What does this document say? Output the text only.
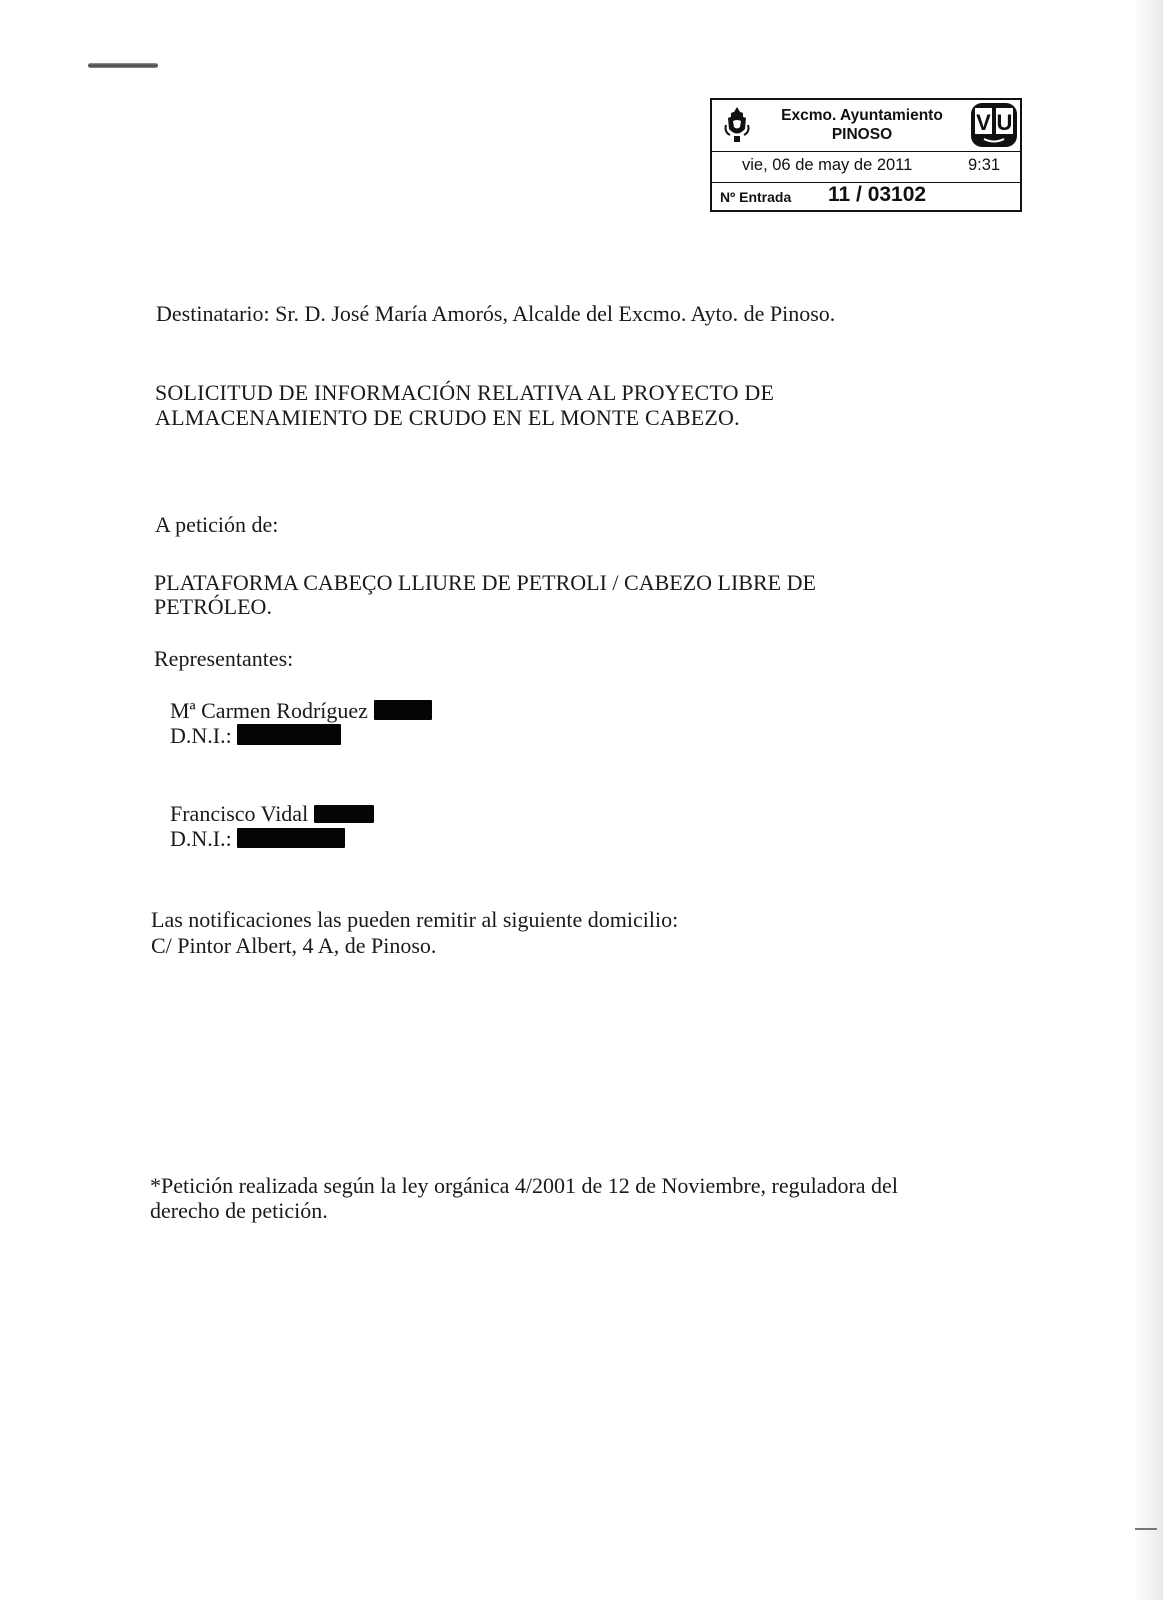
Excmo. Ayuntamiento
PINOSO	V U
vie, 06 de may de 2011	9:31
Nº Entrada 11 / 03102
Destinatario: Sr. D. José María Amorós, Alcalde del Excmo. Ayto. de Pinoso.
SOLICITUD DE INFORMACIÓN RELATIVA AL PROYECTO DE
ALMACENAMIENTO DE CRUDO EN EL MONTE CABEZO.
A petición de:
PLATAFORMA CABEÇO LLIURE DE PETROLI / CABEZO LIBRE DE
PETRÓLEO.
Representantes:
Mª Carmen Rodríguez
D.N.I.:
Francisco Vidal
D.N.I.:
Las notificaciones las pueden remitir al siguiente domicilio:
C/ Pintor Albert, 4 A, de Pinoso.
*Petición realizada según la ley orgánica 4/2001 de 12 de Noviembre, reguladora del
derecho de petición.
